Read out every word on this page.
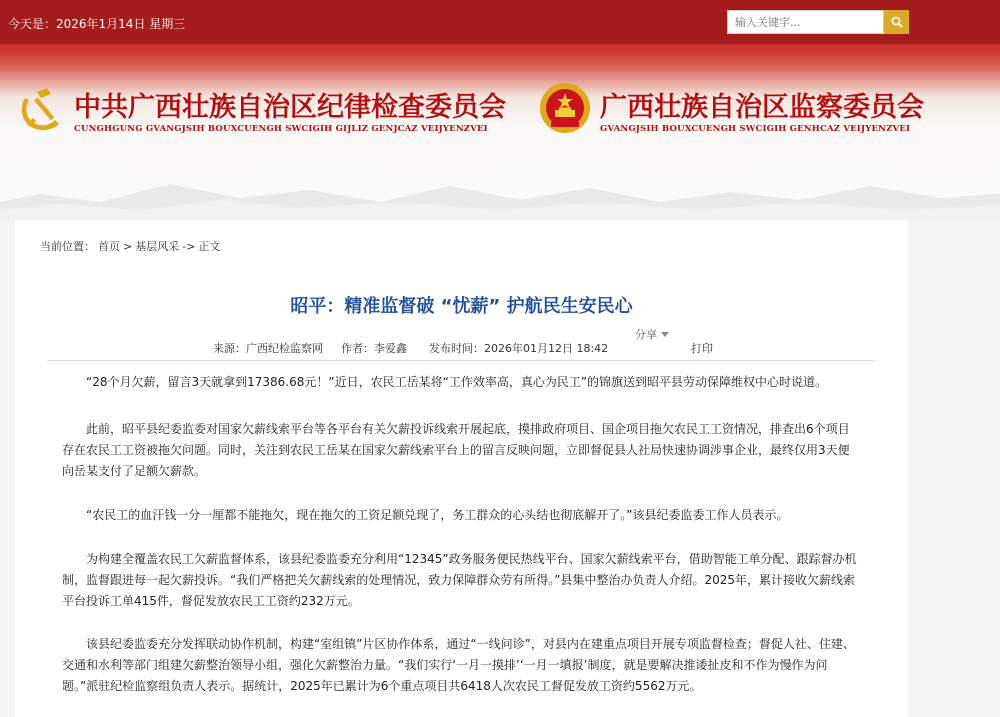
今天是：2026年1月14日 星期三
输入关键字...
中共广西壮族自治区纪律检查委员会
CUNGHGUNG GVANGJSIH BOUXCUENGH SWCIGIH GIJLIZ GENJCAZ VEIJYENZVEI
广西壮族自治区监察委员会
GVANGJSIH BOUXCUENGH SWCIGIH GENHCAZ VEIJYENZVEI
当前位置： 首页 > 基层风采 -> 正文
昭平：精准监督破 “忧薪” 护航民生安民心
分享
来源：广西纪检监察网 作者：李爱鑫 发布时间：2026年01月12日 18:42	打印

“28个月欠薪，留言3天就拿到17386.68元！”近日，农民工岳某将“工作效率高，真心为民工”的锦旗送到昭平县劳动保障维权中心时说道。

此前，昭平县纪委监委对国家欠薪线索平台等各平台有关欠薪投诉线索开展起底，摸排政府项目、国企项目拖欠农民工工资情况，排查出6个项目存在农民工工资被拖欠问题。同时，关注到农民工岳某在国家欠薪线索平台上的留言反映问题，立即督促县人社局快速协调涉事企业，最终仅用3天便向岳某支付了足额欠薪款。

“农民工的血汗钱一分一厘都不能拖欠，现在拖欠的工资足额兑现了，务工群众的心头结也彻底解开了。”该县纪委监委工作人员表示。

为构建全覆盖农民工欠薪监督体系，该县纪委监委充分利用“12345”政务服务便民热线平台、国家欠薪线索平台，借助智能工单分配、跟踪督办机制，监督跟进每一起欠薪投诉。“我们严格把关欠薪线索的处理情况，致力保障群众劳有所得。”县集中整治办负责人介绍。2025年，累计接收欠薪线索平台投诉工单415件，督促发放农民工工资约232万元。

该县纪委监委充分发挥联动协作机制，构建“室组镇”片区协作体系，通过“一线问诊”，对县内在建重点项目开展专项监督检查；督促人社、住建、交通和水利等部门组建欠薪整治领导小组，强化欠薪整治力量。“我们实行‘一月一摸排’‘一月一填报’制度，就是要解决推诿扯皮和不作为慢作为问题。”派驻纪检监察组负责人表示。据统计，2025年已累计为6个重点项目共6418人次农民工督促发放工资约5562万元。
